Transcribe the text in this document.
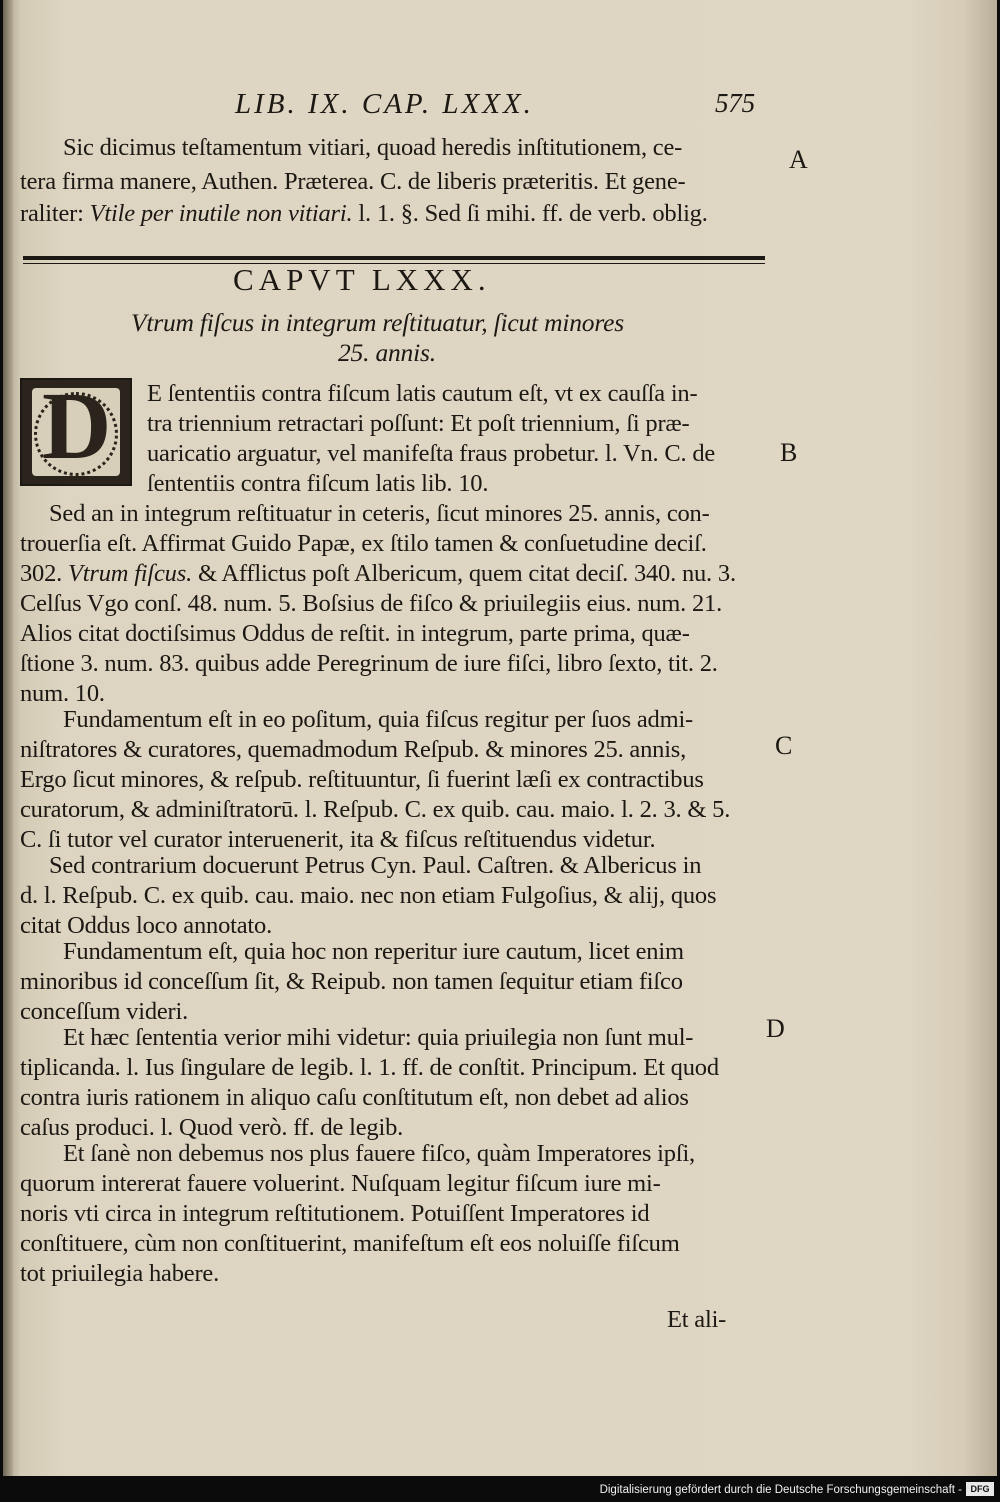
LIB. IX. CAP. LXXX.	575
Sic dicimus teſtamentum vitiari, quoad heredis inſtitutionem, ce-
tera firma manere, Authen. Præterea. C. de liberis præteritis. Et gene-
raliter: Vtile per inutile non vitiari. l. 1. §. Sed ſi mihi. ff. de verb. oblig.
CAPVT LXXX.
Vtrum fiſcus in integrum reſtituatur, ſicut minores
25. annis.
D E ſententiis contra fiſcum latis cautum eſt, vt ex cauſſa in-
tra triennium retractari poſſunt: Et poſt triennium, ſi præ-
uaricatio arguatur, vel manifeſta fraus probetur. l. Vn. C. de
ſententiis contra fiſcum latis lib. 10.
Sed an in integrum reſtituatur in ceteris, ſicut minores 25. annis, con-
trouerſia eſt. Affirmat Guido Papæ, ex ſtilo tamen & conſuetudine deciſ.
302. Vtrum fiſcus. & Afflictus poſt Albericum, quem citat deciſ. 340. nu. 3.
Celſus Vgo conſ. 48. num. 5. Boſsius de fiſco & priuilegiis eius. num. 21.
Alios citat doctiſsimus Oddus de reſtit. in integrum, parte prima, quæ-
ſtione 3. num. 83. quibus adde Peregrinum de iure fiſci, libro ſexto, tit. 2.
num. 10.
Fundamentum eſt in eo poſitum, quia fiſcus regitur per ſuos admi-
niſtratores & curatores, quemadmodum Reſpub. & minores 25. annis,
Ergo ſicut minores, & reſpub. reſtituuntur, ſi fuerint læſi ex contractibus
curatorum, & adminiſtratorū. l. Reſpub. C. ex quib. cau. maio. l. 2. 3. & 5.
C. ſi tutor vel curator interuenerit, ita & fiſcus reſtituendus videtur.
Sed contrarium docuerunt Petrus Cyn. Paul. Caſtren. & Albericus in
d. l. Reſpub. C. ex quib. cau. maio. nec non etiam Fulgoſius, & alij, quos
citat Oddus loco annotato.
Fundamentum eſt, quia hoc non reperitur iure cautum, licet enim
minoribus id conceſſum ſit, & Reipub. non tamen ſequitur etiam fiſco
conceſſum videri.
Et hæc ſententia verior mihi videtur: quia priuilegia non ſunt mul-
tiplicanda. l. Ius ſingulare de legib. l. 1. ff. de conſtit. Principum. Et quod
contra iuris rationem in aliquo caſu conſtitutum eſt, non debet ad alios
caſus produci. l. Quod verò. ff. de legib.
Et ſanè non debemus nos plus fauere fiſco, quàm Imperatores ipſi,
quorum intererat fauere voluerint. Nuſquam legitur fiſcum iure mi-
noris vti circa in integrum reſtitutionem. Potuiſſent Imperatores id
conſtituere, cùm non conſtituerint, manifeſtum eſt eos noluiſſe fiſcum
tot priuilegia habere.
Et ali-
A
B
C
D
Digitalisierung gefördert durch die Deutsche Forschungsgemeinschaft - DFG
